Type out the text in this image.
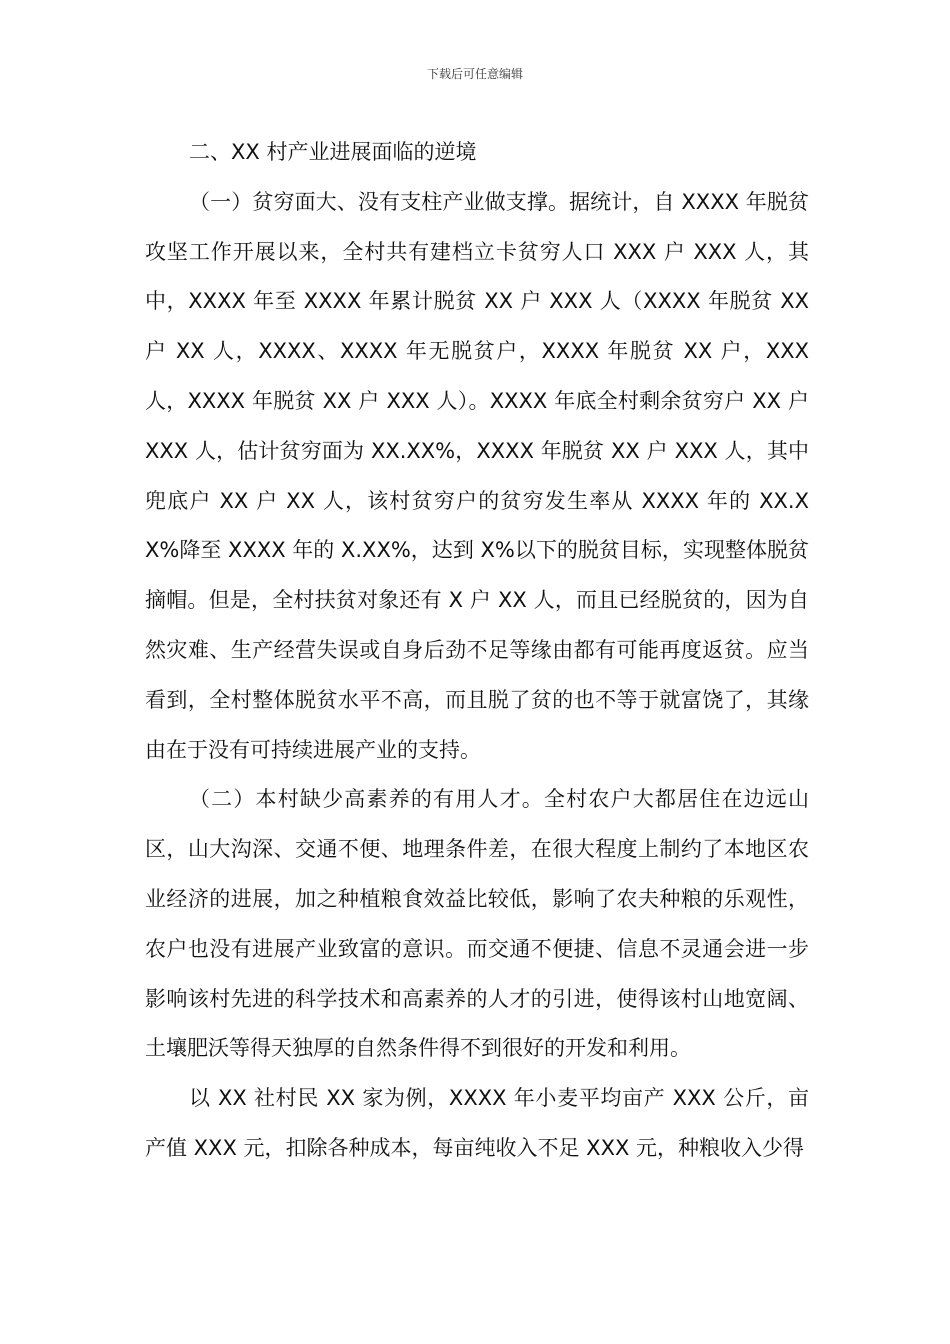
下载后可任意编辑
二、XX 村产业进展面临的逆境

（一）贫穷面大、没有支柱产业做支撑。据统计，自 XXXX 年脱贫攻坚工作开展以来，全村共有建档立卡贫穷人口 XXX 户 XXX 人，其中，XXXX 年至 XXXX 年累计脱贫 XX 户 XXX 人（XXXX 年脱贫 XX 户 XX 人，XXXX、XXXX 年无脱贫户，XXXX 年脱贫 XX 户，XXX 人，XXXX 年脱贫 XX 户 XXX 人）。XXXX 年底全村剩余贫穷户 XX 户 XXX 人，估计贫穷面为 XX.XX%，XXXX 年脱贫 XX 户 XXX 人，其中兜底户 XX 户 XX 人，该村贫穷户的贫穷发生率从 XXXX 年的 XX.XX%降至 XXXX 年的 X.XX%，达到 X%以下的脱贫目标，实现整体脱贫摘帽。但是，全村扶贫对象还有 X 户 XX 人，而且已经脱贫的，因为自然灾难、生产经营失误或自身后劲不足等缘由都有可能再度返贫。应当看到，全村整体脱贫水平不高，而且脱了贫的也不等于就富饶了，其缘由在于没有可持续进展产业的支持。

（二）本村缺少高素养的有用人才。全村农户大都居住在边远山区，山大沟深、交通不便、地理条件差，在很大程度上制约了本地区农业经济的进展，加之种植粮食效益比较低，影响了农夫种粮的乐观性，农户也没有进展产业致富的意识。而交通不便捷、信息不灵通会进一步影响该村先进的科学技术和高素养的人才的引进，使得该村山地宽阔、土壤肥沃等得天独厚的自然条件得不到很好的开发和利用。

以 XX 社村民 XX 家为例，XXXX 年小麦平均亩产 XXX 公斤，亩产值 XXX 元，扣除各种成本，每亩纯收入不足 XXX 元，种粮收入少得
